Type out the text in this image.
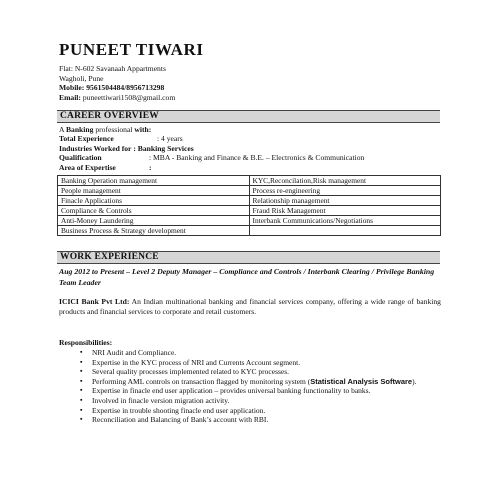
PUNEET TIWARI
Flat: N-602 Savanaah Appartments
Wagholi, Pune
Mobile: 9561504484/8956713298
Email: puneettiwari1508@gmail.com
CAREER OVERVIEW
A Banking professional with:
Total Experience	: 4 years
Industries Worked for : Banking Services
Qualification	: MBA - Banking and Finance & B.E. – Electronics & Communication
Area of Expertise	:
Banking Operation management	KYC,Reconcilation,Risk management
People management	Process re-engineering
Finacle Applications	Relationship management
Compliance & Controls	Fraud Risk Management
Anti-Money Laundering	Interbank Communications/Negotiations
Business Process & Strategy development	
WORK EXPERIENCE
Aug 2012 to Present – Level 2 Deputy Manager – Compliance and Controls / Interbank Clearing / Privilege Banking Team Leader
ICICI Bank Pvt Ltd: An Indian multinational banking and financial services company, offering a wide range of banking products and financial services to corporate and retail customers.
Responsibilities:
▪ NRI Audit and Compliance.
▪ Expertise in the KYC process of NRI and Currents Account segment.
▪ Several quality processes implemented related to KYC processes.
▪ Performing AML controls on transaction flagged by monitoring system (Statistical Analysis Software).
▪ Expertise in finacle end user application – provides universal banking functionality to banks.
▪ Involved in finacle version migration activity.
▪ Expertise in trouble shooting finacle end user application.
▪ Reconciliation and Balancing of Bank’s account with RBI.
